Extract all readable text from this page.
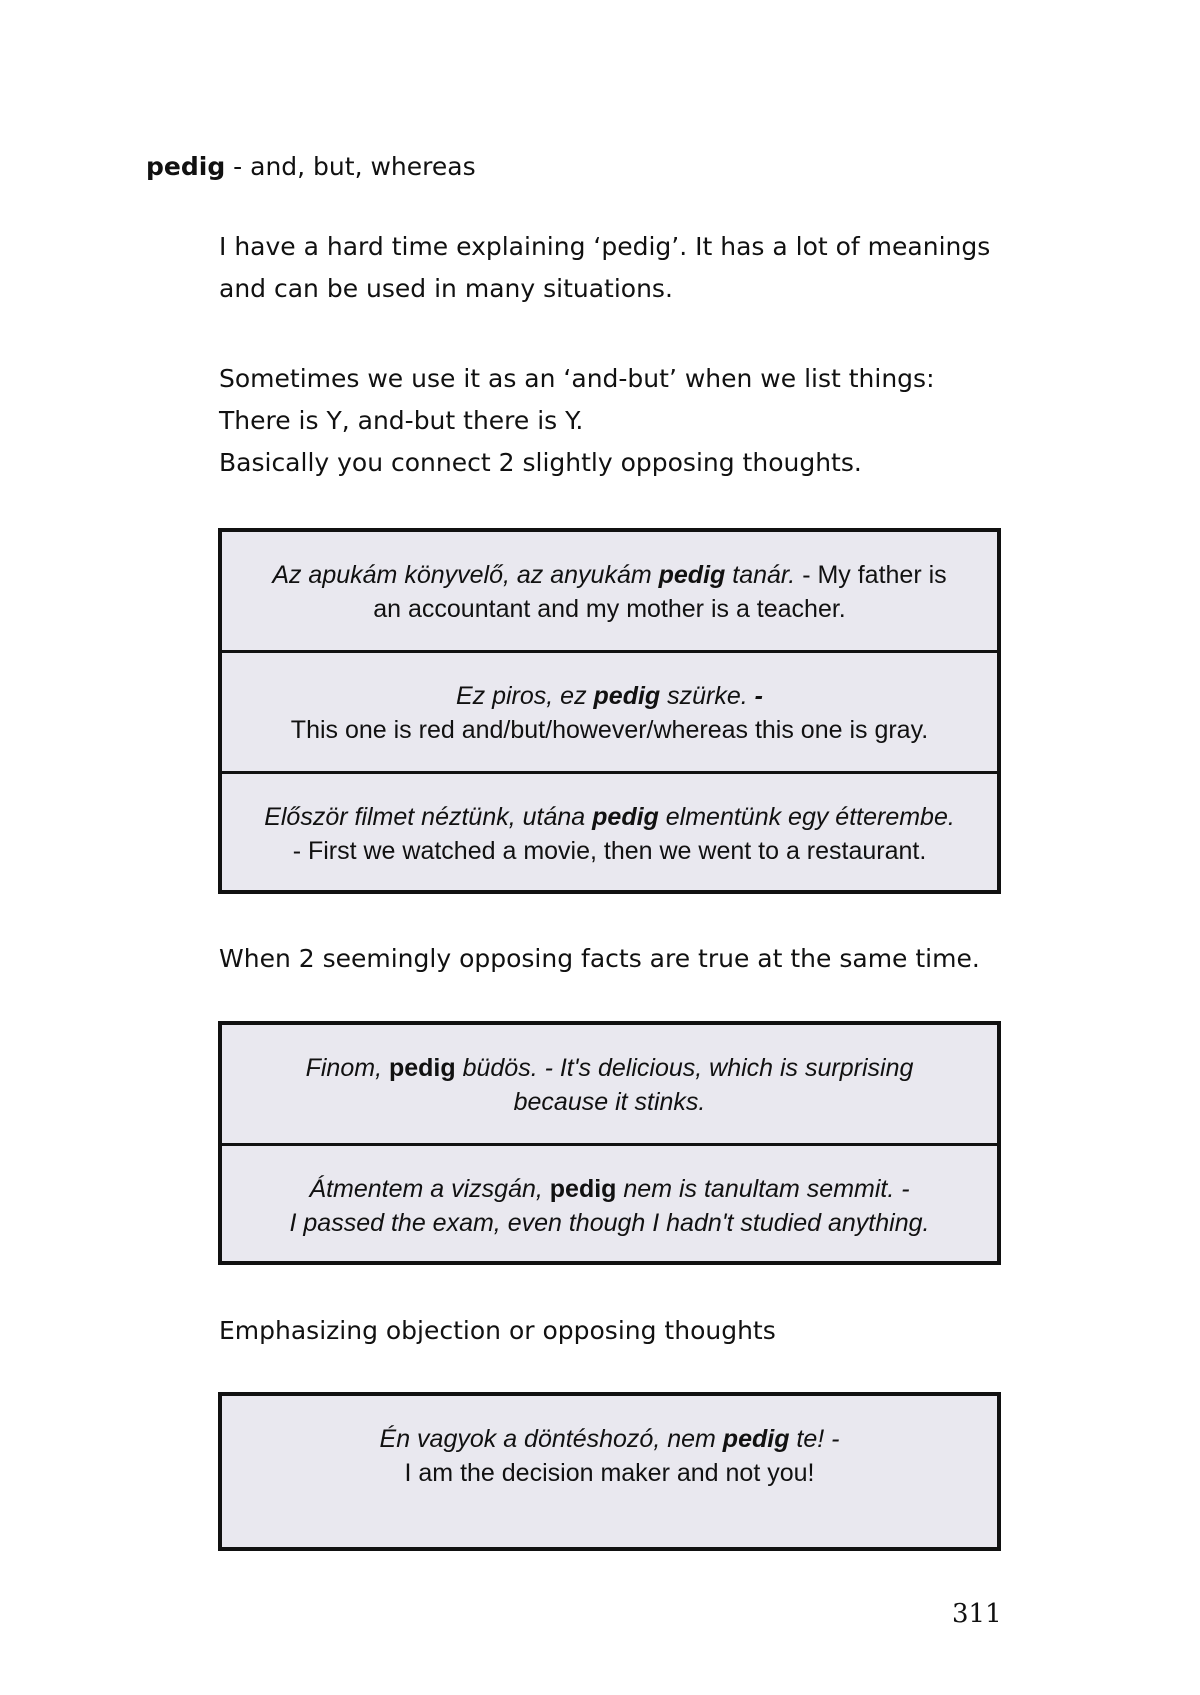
pedig - and, but, whereas
I have a hard time explaining ‘pedig’. It has a lot of meanings
and can be used in many situations.
Sometimes we use it as an ‘and-but’ when we list things:
There is Y, and-but there is Y.
Basically you connect 2 slightly opposing thoughts.
Az apukám könyvelő, az anyukám pedig tanár. - My father is
an accountant and my mother is a teacher.
Ez piros, ez pedig szürke. -
This one is red and/but/however/whereas this one is gray.
Először filmet néztünk, utána pedig elmentünk egy étterembe.
- First we watched a movie, then we went to a restaurant.
When 2 seemingly opposing facts are true at the same time.
Finom, pedig büdös. - It's delicious, which is surprising
because it stinks.
Átmentem a vizsgán, pedig nem is tanultam semmit. -
I passed the exam, even though I hadn't studied anything.
Emphasizing objection or opposing thoughts
Én vagyok a döntéshozó, nem pedig te! -
I am the decision maker and not you!
311
